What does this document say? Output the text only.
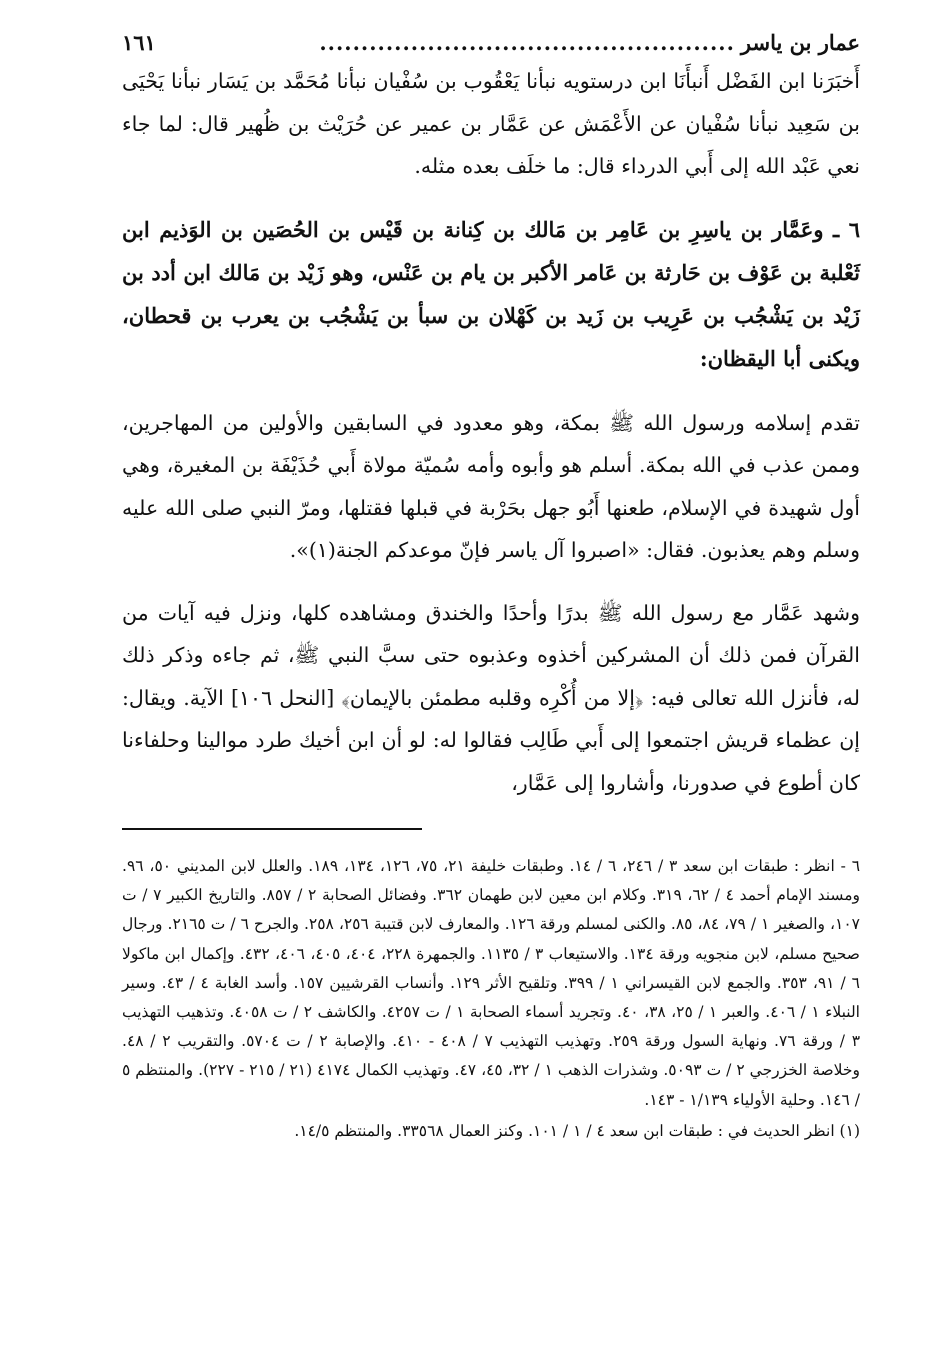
عمار بن ياسر
..................................................
١٦١

أَخبَرَنا ابن الفَضْل أَنبأَنَا ابن درستويه نبأنا يَعْقُوب بن سُفْيان نبأنا مُحَمَّد بن يَسَار نبأنا يَحْيَى بن سَعِيد نبأنا سُفْيان عن الأَعْمَش عن عَمَّار بن عمير عن حُرَيْث بن ظُهير قال: لما جاء نعي عَبْد الله إلى أَبي الدرداء قال: ما خلَف بعده مثله.

٦ ـ وعَمَّار بن ياسِرِ بن عَامِر بن مَالك بن كِنانة بن قَيْس بن الحُصَين بن الوَذيم ابن ثَعْلبة بن عَوْف بن حَارثة بن عَامر الأكبر بن يام بن عَنْس، وهو زَيْد بن مَالك ابن أدد بن زَيْد بن يَشْجُب بن عَرِيب بن زَيد بن كَهْلان بن سبأ بن يَشْجُب بن يعرب بن قحطان، ويكنى أبا اليقظان:

تقدم إسلامه ورسول الله ﷺ بمكة، وهو معدود في السابقين والأولين من المهاجرين، وممن عذب في الله بمكة. أسلم هو وأبوه وأمه سُميّة مولاة أَبي حُذَيْفَة بن المغيرة، وهي أول شهيدة في الإسلام، طعنها أَبُو جهل بحَرْبة في قبلها فقتلها، ومرّ النبي صلى الله عليه وسلم وهم يعذبون. فقال: «اصبروا آل ياسر فإنّ موعدكم الجنة(١)».

وشهد عَمَّار مع رسول الله ﷺ بدرًا وأحدًا والخندق ومشاهده كلها، ونزل فيه آيات من القرآن فمن ذلك أن المشركين أخذوه وعذبوه حتى سبَّ النبي ﷺ، ثم جاءه وذكر ذلك له، فأنزل الله تعالى فيه: ﴿إلا من أُكْرِه وقلبه مطمئن بالإيمان﴾ [النحل ١٠٦] الآية. ويقال: إن عظماء قريش اجتمعوا إلى أَبي طَالِب فقالوا له: لو أن ابن أخيك طرد موالينا وحلفاءنا كان أطوع في صدورنا، وأشاروا إلى عَمَّار،

٦ - انظر : طبقات ابن سعد ٣ / ٢٤٦، ٦ / ١٤. وطبقات خليفة ٢١، ٧٥، ١٢٦، ١٣٤، ١٨٩. والعلل لابن المديني ٥٠، ٩٦. ومسند الإمام أحمد ٤ / ٦٢، ٣١٩. وكلام ابن معين لابن طهمان ٣٦٢. وفضائل الصحابة ٢ / ٨٥٧. والتاريخ الكبير ٧ / ت ١٠٧، والصغير ١ / ٧٩، ٨٤، ٨٥. والكنى لمسلم ورقة ١٢٦. والمعارف لابن قتيبة ٢٥٦، ٢٥٨. والجرح ٦ / ت ٢١٦٥. ورجال صحيح مسلم، لابن منجويه ورقة ١٣٤. والاستيعاب ٣ / ١١٣٥. والجمهرة ٢٢٨، ٤٠٤، ٤٠٥، ٤٠٦، ٤٣٢. وإكمال ابن ماكولا ٦ / ٩١، ٣٥٣. والجمع لابن القيسراني ١ / ٣٩٩. وتلقيح الأثر ١٢٩. وأنساب القرشيين ١٥٧. وأسد الغابة ٤ / ٤٣. وسير النبلاء ١ / ٤٠٦. والعبر ١ / ٢٥، ٣٨، ٤٠. وتجريد أسماء الصحابة ١ / ت ٤٢٥٧. والكاشف ٢ / ت ٤٠٥٨. وتذهيب التهذيب ٣ / ورقة ٧٦. ونهاية السول ورقة ٢٥٩. وتهذيب التهذيب ٧ / ٤٠٨ - ٤١٠. والإصابة ٢ / ت ٥٧٠٤. والتقريب ٢ / ٤٨. وخلاصة الخزرجي ٢ / ت ٥٠٩٣. وشذرات الذهب ١ / ٣٢، ٤٥، ٤٧. وتهذيب الكمال ٤١٧٤ (٢١ / ٢١٥ - ٢٢٧). والمنتظم ٥ / ١٤٦. وحلية الأولياء ١/١٣٩ - ١٤٣.

(١) انظر الحديث في : طبقات ابن سعد ٤ / ١ / ١٠١. وكنز العمال ٣٣٥٦٨. والمنتظم ١٤/٥.
